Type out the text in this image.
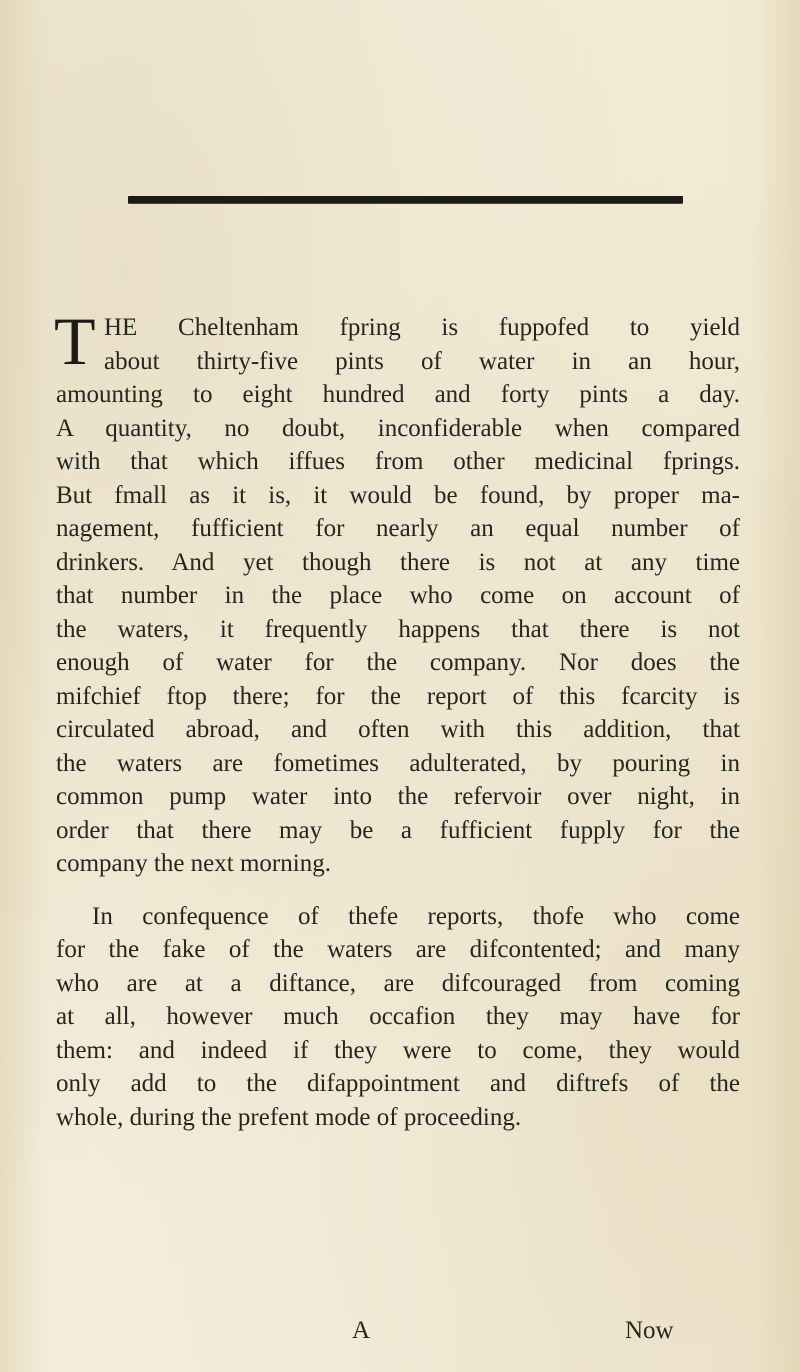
T HE Cheltenham fpring is fuppofed to yield
about thirty-five pints of water in an hour,
amounting to eight hundred and forty pints a day.
A quantity, no doubt, inconfiderable when compared
with that which iffues from other medicinal fprings.
But fmall as it is, it would be found, by proper ma-
nagement, fufficient for nearly an equal number of
drinkers. And yet though there is not at any time
that number in the place who come on account of
the waters, it frequently happens that there is not
enough of water for the company. Nor does the
mifchief ftop there; for the report of this fcarcity is
circulated abroad, and often with this addition, that
the waters are fometimes adulterated, by pouring in
common pump water into the refervoir over night, in
order that there may be a fufficient fupply for the
company the next morning.
In confequence of thefe reports, thofe who come
for the fake of the waters are difcontented; and many
who are at a diftance, are difcouraged from coming
at all, however much occafion they may have for
them: and indeed if they were to come, they would
only add to the difappointment and diftrefs of the
whole, during the prefent mode of proceeding.
A	Now
